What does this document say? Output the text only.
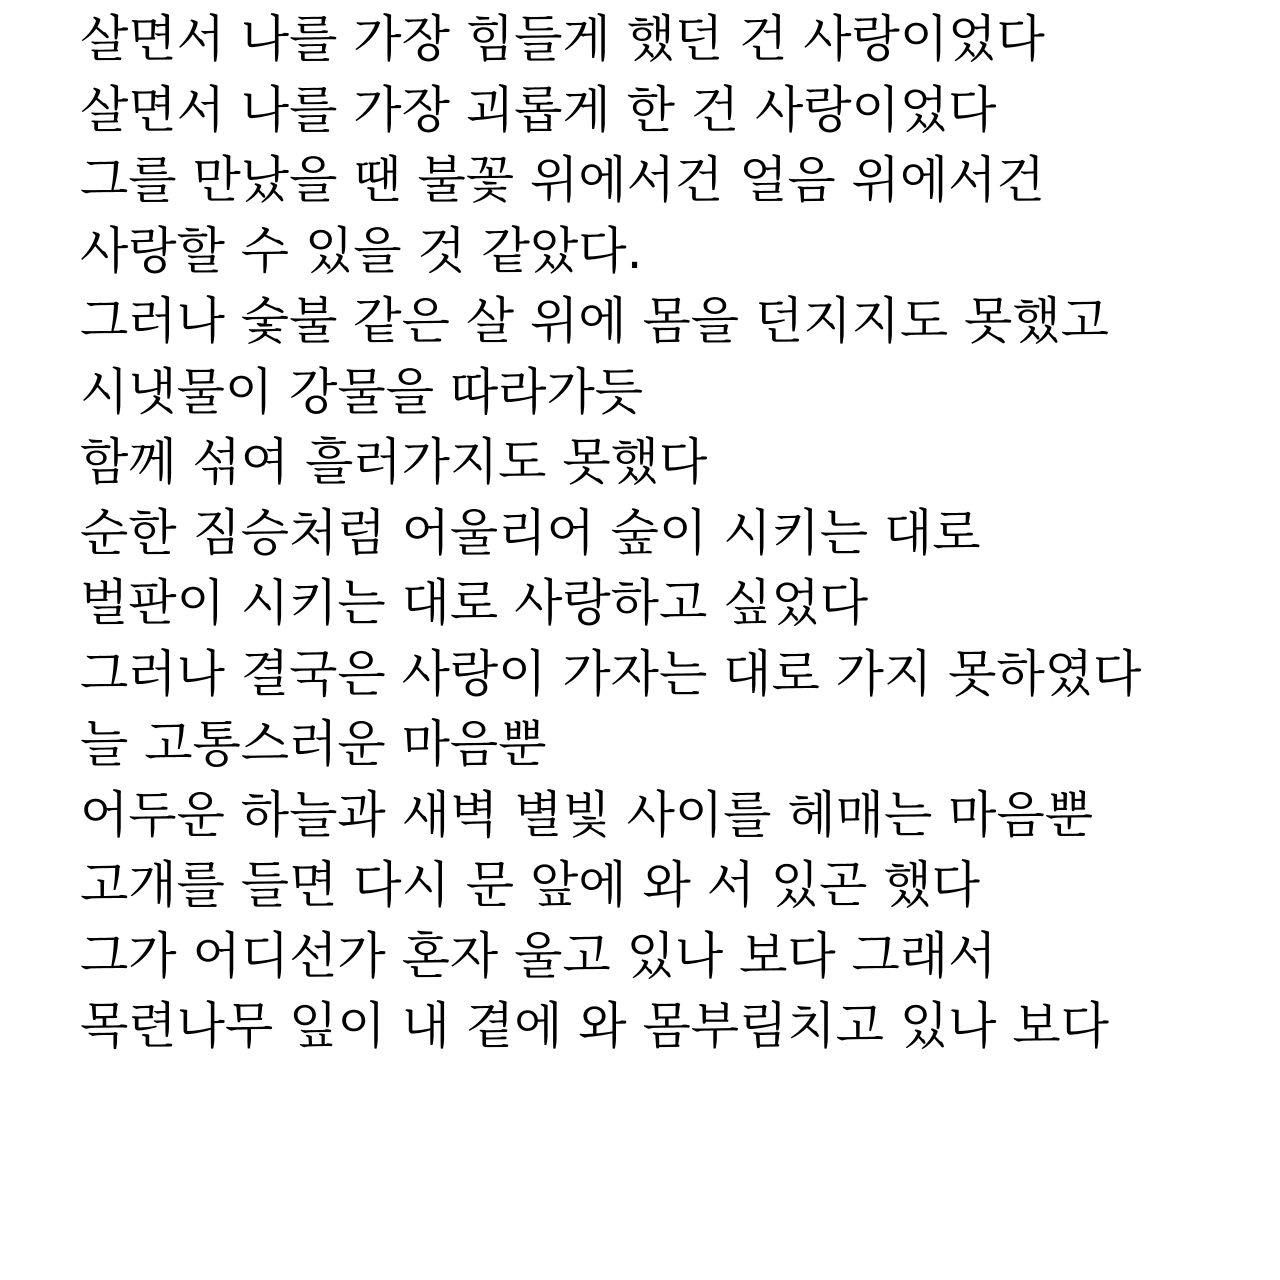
살면서 나를 가장 힘들게 했던 건 사랑이었다
살면서 나를 가장 괴롭게 한 건 사랑이었다
그를 만났을 땐 불꽃 위에서건 얼음 위에서건
사랑할 수 있을 것 같았다.
그러나 숯불 같은 살 위에 몸을 던지지도 못했고
시냇물이 강물을 따라가듯
함께 섞여 흘러가지도 못했다
순한 짐승처럼 어울리어 숲이 시키는 대로
벌판이 시키는 대로 사랑하고 싶었다
그러나 결국은 사랑이 가자는 대로 가지 못하였다
늘 고통스러운 마음뿐
어두운 하늘과 새벽 별빛 사이를 헤매는 마음뿐
고개를 들면 다시 문 앞에 와 서 있곤 했다
그가 어디선가 혼자 울고 있나 보다 그래서
목련나무 잎이 내 곁에 와 몸부림치고 있나 보다
